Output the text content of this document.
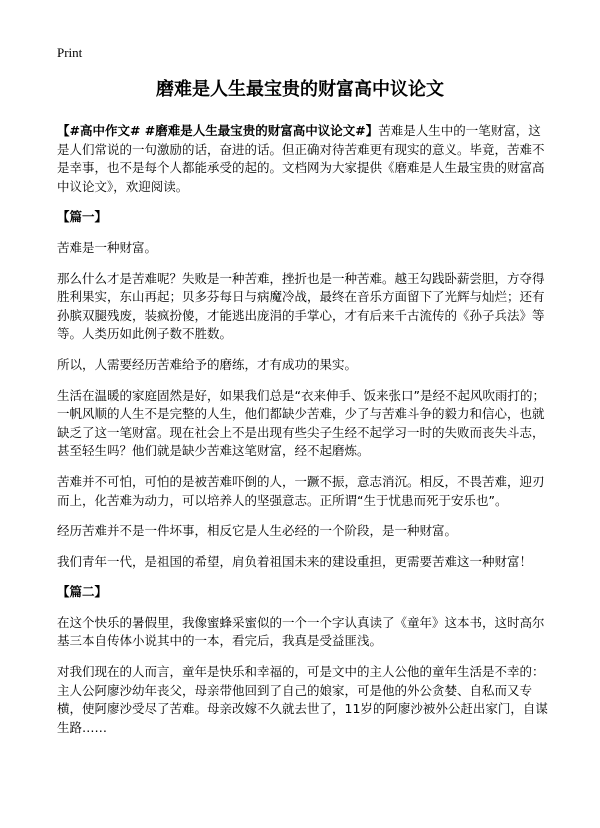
Print
磨难是人生最宝贵的财富高中议论文

【#高中作文# #磨难是人生最宝贵的财富高中议论文#】苦难是人生中的一笔财富，这是人们常说的一句激励的话，奋进的话。但正确对待苦难更有现实的意义。毕竟，苦难不是幸事，也不是每个人都能承受的起的。文档网为大家提供《磨难是人生最宝贵的财富高中议论文》，欢迎阅读。

【篇一】

苦难是一种财富。

那么什么才是苦难呢？失败是一种苦难，挫折也是一种苦难。越王勾践卧薪尝胆，方夺得胜利果实，东山再起；贝多芬每日与病魔冷战，最终在音乐方面留下了光辉与灿烂；还有孙膑双腿残废，装疯扮傻，才能逃出庞涓的手掌心，才有后来千古流传的《孙子兵法》等等。人类历如此例子数不胜数。

所以，人需要经历苦难给予的磨练，才有成功的果实。

生活在温暖的家庭固然是好，如果我们总是“衣来伸手、饭来张口”是经不起风吹雨打的；一帆风顺的人生不是完整的人生，他们都缺少苦难，少了与苦难斗争的毅力和信心，也就缺乏了这一笔财富。现在社会上不是出现有些尖子生经不起学习一时的失败而丧失斗志，甚至轻生吗？他们就是缺少苦难这笔财富，经不起磨炼。

苦难并不可怕，可怕的是被苦难吓倒的人，一蹶不振，意志消沉。相反，不畏苦难，迎刃而上，化苦难为动力，可以培养人的坚强意志。正所谓“生于忧患而死于安乐也”。

经历苦难并不是一件坏事，相反它是人生必经的一个阶段，是一种财富。

我们青年一代，是祖国的希望，肩负着祖国未来的建设重担，更需要苦难这一种财富！

【篇二】

在这个快乐的暑假里，我像蜜蜂采蜜似的一个一个字认真读了《童年》这本书，这时高尔基三本自传体小说其中的一本，看完后，我真是受益匪浅。

对我们现在的人而言，童年是快乐和幸福的，可是文中的主人公他的童年生活是不幸的：主人公阿廖沙幼年丧父，母亲带他回到了自己的娘家，可是他的外公贪婪、自私而又专横，使阿廖沙受尽了苦难。母亲改嫁不久就去世了，11岁的阿廖沙被外公赶出家门，自谋生路……
